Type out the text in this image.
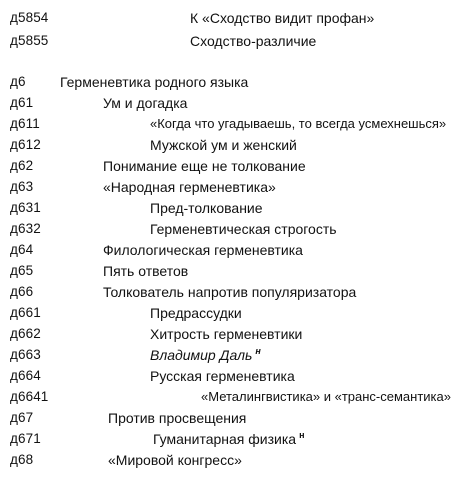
д5854	К «Сходство видит профан»
д5855	Сходство-различие
д6 Герменевтика родного языка
д61	Ум и догадка
д611	«Когда что угадываешь, то всегда усмехнешься»
д612	Мужской ум и женский
д62	Понимание еще не толкование
д63	«Народная герменевтика»
д631	Пред-толкование
д632	Герменевтическая строгость
д64	Филологическая герменевтика
д65	Пять ответов
д66	Толкователь напротив популяризатора
д661	Предрассудки
д662	Хитрость герменевтики
д663	Владимир Даль $^н$
д664	Русская герменевтика
д6641	«Металингвистика» и «транс-семантика»
д67	Против просвещения
д671	Гуманитарная физика $^н$
д68	«Мировой конгресс»
